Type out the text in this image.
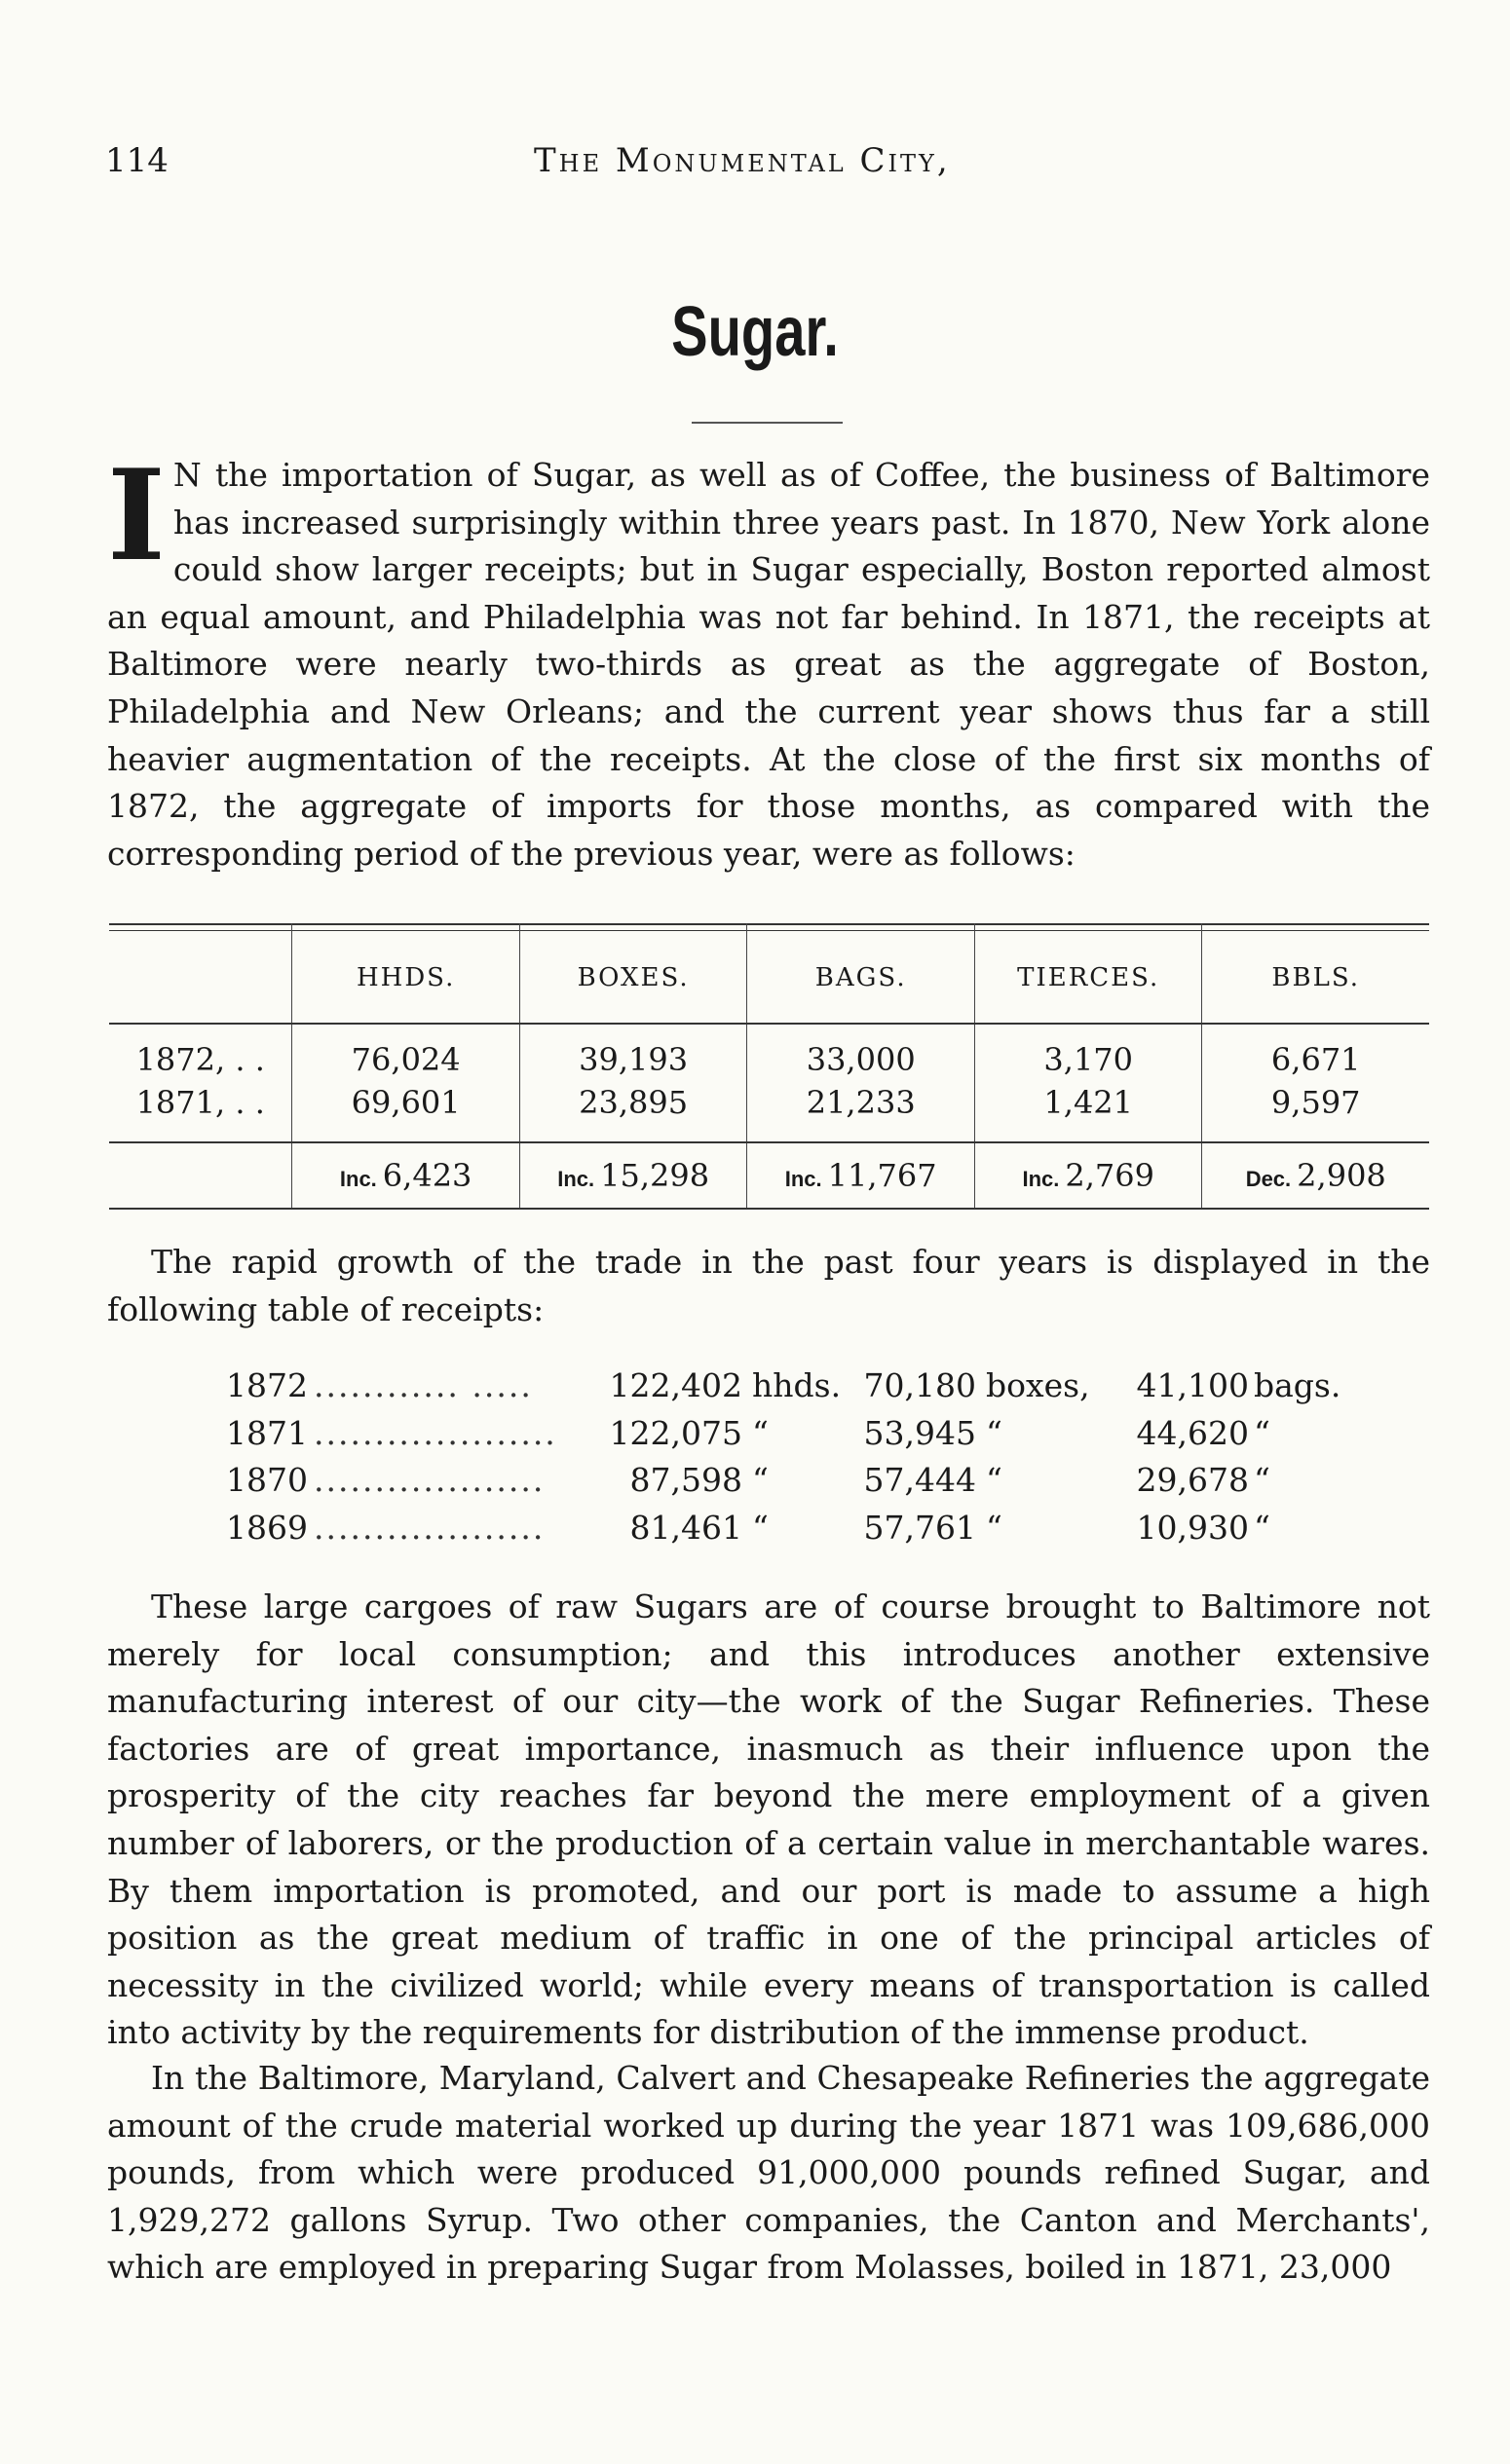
114	The Monumental City,
Sugar.

I N the importation of Sugar, as well as of Coffee, the business of Baltimore has increased surprisingly within three years past. In 1870, New York alone could show larger receipts; but in Sugar especially, Boston reported almost an equal amount, and Philadelphia was not far behind. In 1871, the receipts at Baltimore were nearly two-thirds as great as the aggregate of Boston, Philadelphia and New Orleans; and the current year shows thus far a still heavier augmentation of the receipts. At the close of the first six months of 1872, the aggregate of imports for those months, as compared with the corresponding period of the previous year, were as follows:

	HHDS.	BOXES.	BAGS.	TIERCES.	BBLS.
1872, . .	76,024	39,193	33,000	3,170	6,671
1871, . .	69,601	23,895	21,233	1,421	9,597
	Inc. 6,423	Inc. 15,298	Inc. 11,767	Inc. 2,769	Dec. 2,908

The rapid growth of the trade in the past four years is displayed in the following table of receipts:

1872 ............ ..... 122,402 hhds. 70,180 boxes, 41,100 bags.
1871 .................... 122,075 “	53,945 “	44,620 “
1870 ...................	87,598 “	57,444 “	29,678 “
1869 ...................	81,461 “	57,761 “	10,930 “

These large cargoes of raw Sugars are of course brought to Baltimore not merely for local consumption; and this introduces another extensive manufacturing interest of our city—the work of the Sugar Refineries. These factories are of great importance, inasmuch as their influence upon the prosperity of the city reaches far beyond the mere employment of a given number of laborers, or the production of a certain value in merchantable wares. By them importation is promoted, and our port is made to assume a high position as the great medium of traffic in one of the principal articles of necessity in the civilized world; while every means of transportation is called into activity by the requirements for distribution of the immense product.

In the Baltimore, Maryland, Calvert and Chesapeake Refineries the aggregate amount of the crude material worked up during the year 1871 was 109,686,000 pounds, from which were produced 91,000,000 pounds refined Sugar, and 1,929,272 gallons Syrup. Two other companies, the Canton and Merchants', which are employed in preparing Sugar from Molasses, boiled in 1871, 23,000
